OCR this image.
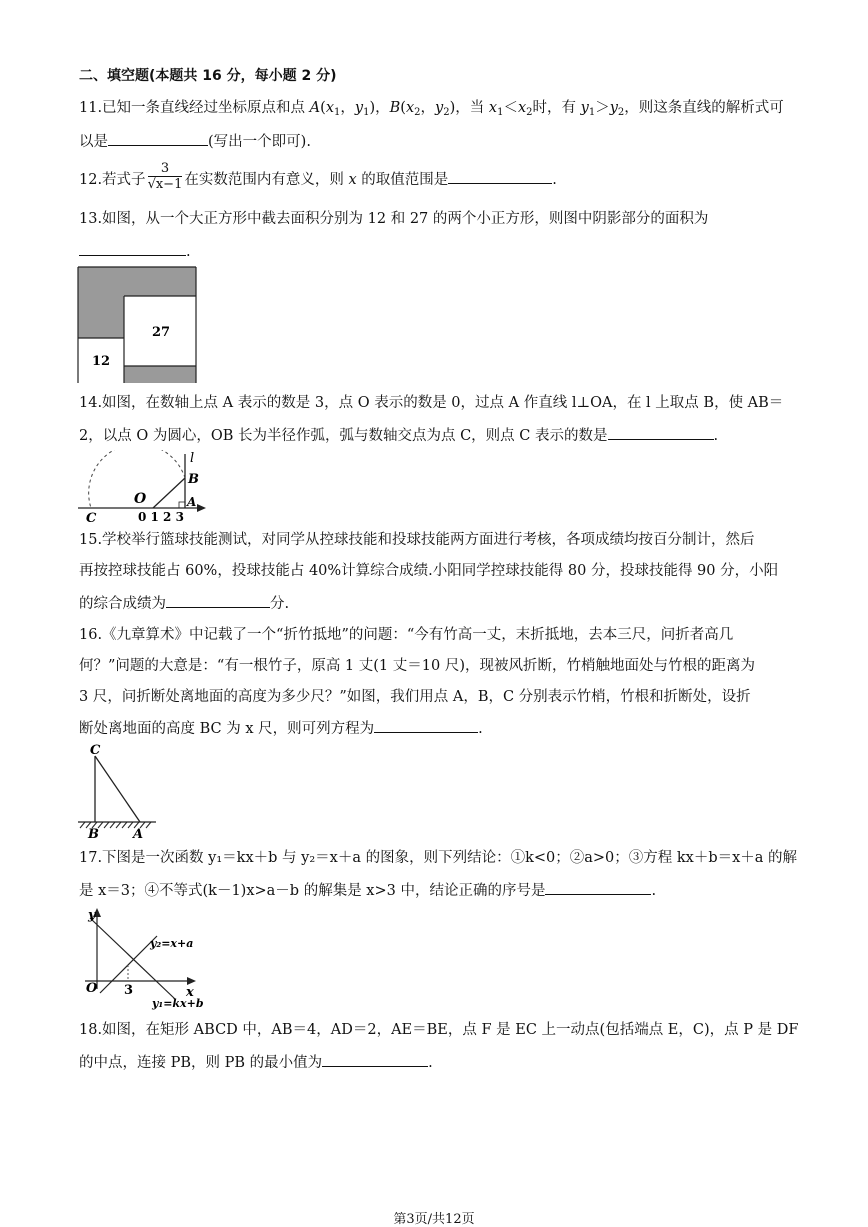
二、填空题(本题共 16 分，每小题 2 分)
11.已知一条直线经过坐标原点和点 $A(x_1$，$y_1$)，$B(x_2$，$y_2$)，当 $x_1<x_2$时，有 $y_1>y_2$，则这条直线的解析式可
以是	(写出一个即可).
12.若式子 $\frac{3}{√x-1}$ 在实数范围内有意义，则 x 的取值范围是	.
13.如图，从一个大正方形中截去面积分别为 12 和 27 的两个小正方形，则图中阴影部分的面积为
.
12
27
14.如图，在数轴上点 A 表示的数是 3，点 O 表示的数是 0，过点 A 作直线 l⊥OA，在 l 上取点 B，使 AB＝
2，以点 O 为圆心，OB 长为半径作弧，弧与数轴交点为点 C，则点 C 表示的数是	.
l
B
O	A
C	0 1 2 3
15.学校举行篮球技能测试，对同学从控球技能和投球技能两方面进行考核，各项成绩均按百分制计，然后
再按控球技能占 60%，投球技能占 40%计算综合成绩.小阳同学控球技能得 80 分，投球技能得 90 分，小阳
的综合成绩为	分.
16.《九章算术》中记载了一个“折竹抵地”的问题：“今有竹高一丈，末折抵地，去本三尺，问折者高几
何？”问题的大意是：“有一根竹子，原高 1 丈(1 丈＝10 尺)，现被风折断，竹梢触地面处与竹根的距离为
3 尺，问折断处离地面的高度为多少尺？”如图，我们用点 A，B，C 分别表示竹梢，竹根和折断处，设折
断处离地面的高度 BC 为 x 尺，则可列方程为	.
C
B	A
17.下图是一次函数 y₁＝kx＋b 与 y₂＝x＋a 的图象，则下列结论：①k<0；②a>0；③方程 kx＋b＝x＋a 的解
是 x＝3；④不等式(k－1)x>a－b 的解集是 x>3 中，结论正确的序号是	.
y
x
O 3
y₂=x+a
y₁=kx+b
18.如图，在矩形 ABCD 中，AB＝4，AD＝2，AE＝BE，点 F 是 EC 上一动点(包括端点 E，C)，点 P 是 DF
的中点，连接 PB，则 PB 的最小值为	.
第3页/共12页
